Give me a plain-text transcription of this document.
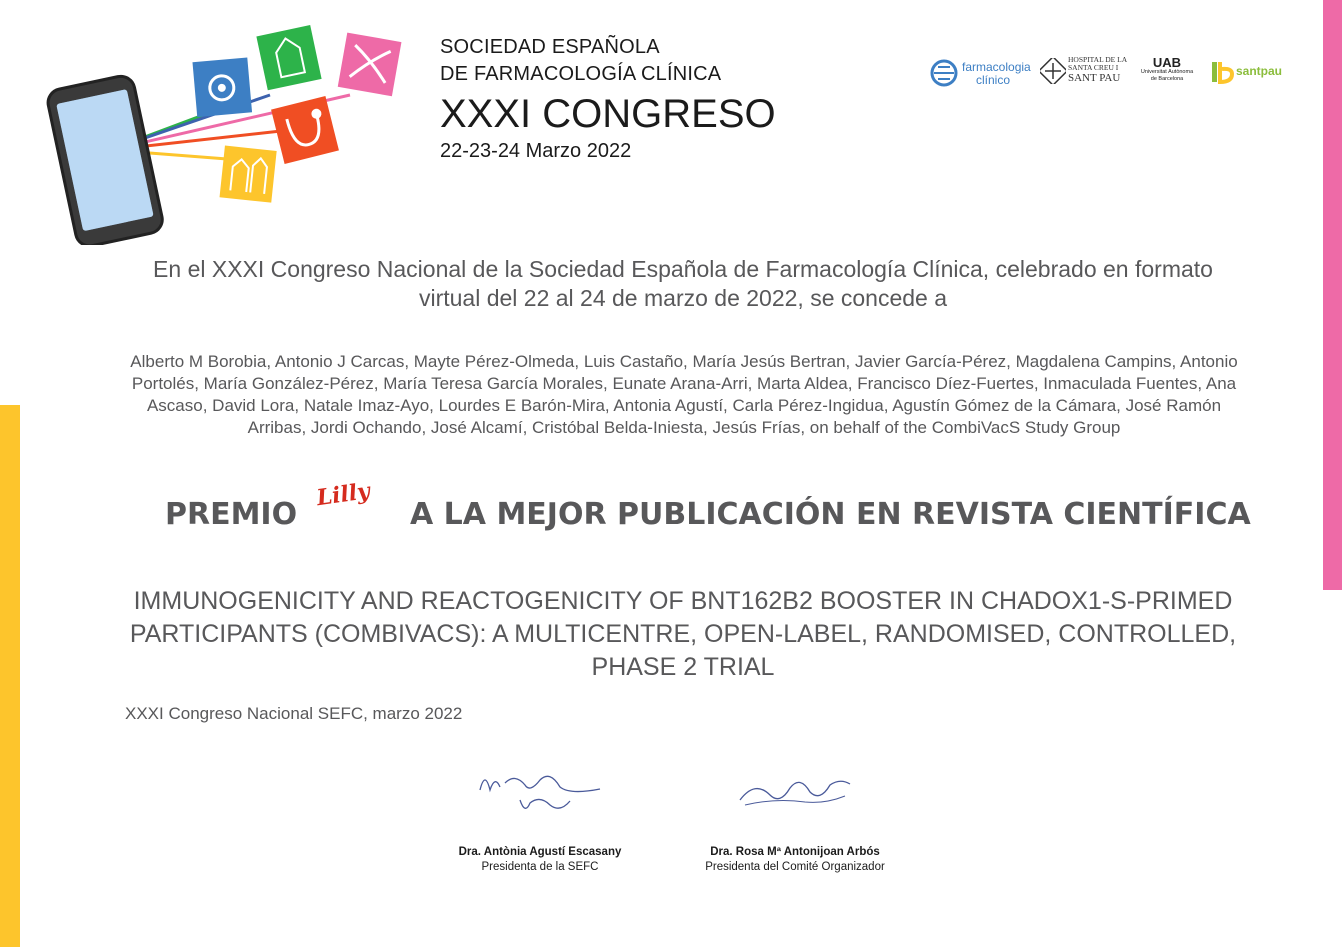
SOCIEDAD ESPAÑOLA
DE FARMACOLOGÍA CLÍNICA
XXXI CONGRESO
22-23-24 Marzo 2022
farmacologia
clínico
HOSPITAL DE LA
SANTA CREU I
SANT PAU
UAB
Universitat Autònoma
de Barcelona
santpau
En el XXXI Congreso Nacional de la Sociedad Española de Farmacología Clínica, celebrado en formato virtual del 22 al 24 de marzo de 2022, se concede a
Alberto M Borobia, Antonio J Carcas, Mayte Pérez-Olmeda, Luis Castaño, María Jesús Bertran, Javier García-Pérez, Magdalena Campins, Antonio Portolés, María González-Pérez, María Teresa García Morales, Eunate Arana-Arri, Marta Aldea, Francisco Díez-Fuertes, Inmaculada Fuentes, Ana Ascaso, David Lora, Natale Imaz-Ayo, Lourdes E Barón-Mira, Antonia Agustí, Carla Pérez-Ingidua, Agustín Gómez de la Cámara, José Ramón Arribas, Jordi Ochando, José Alcamí, Cristóbal Belda-Iniesta, Jesús Frías, on behalf of the CombiVacS Study Group
PREMIO
Lilly
A LA MEJOR PUBLICACIÓN EN REVISTA CIENTÍFICA
IMMUNOGENICITY AND REACTOGENICITY OF BNT162B2 BOOSTER IN CHADOX1-S-PRIMED PARTICIPANTS (COMBIVACS): A MULTICENTRE, OPEN-LABEL, RANDOMISED, CONTROLLED, PHASE 2 TRIAL
XXXI Congreso Nacional SEFC, marzo 2022
Dra. Antònia Agustí Escasany
Presidenta de la SEFC
Dra. Rosa Mª Antonijoan Arbós
Presidenta del Comité Organizador
